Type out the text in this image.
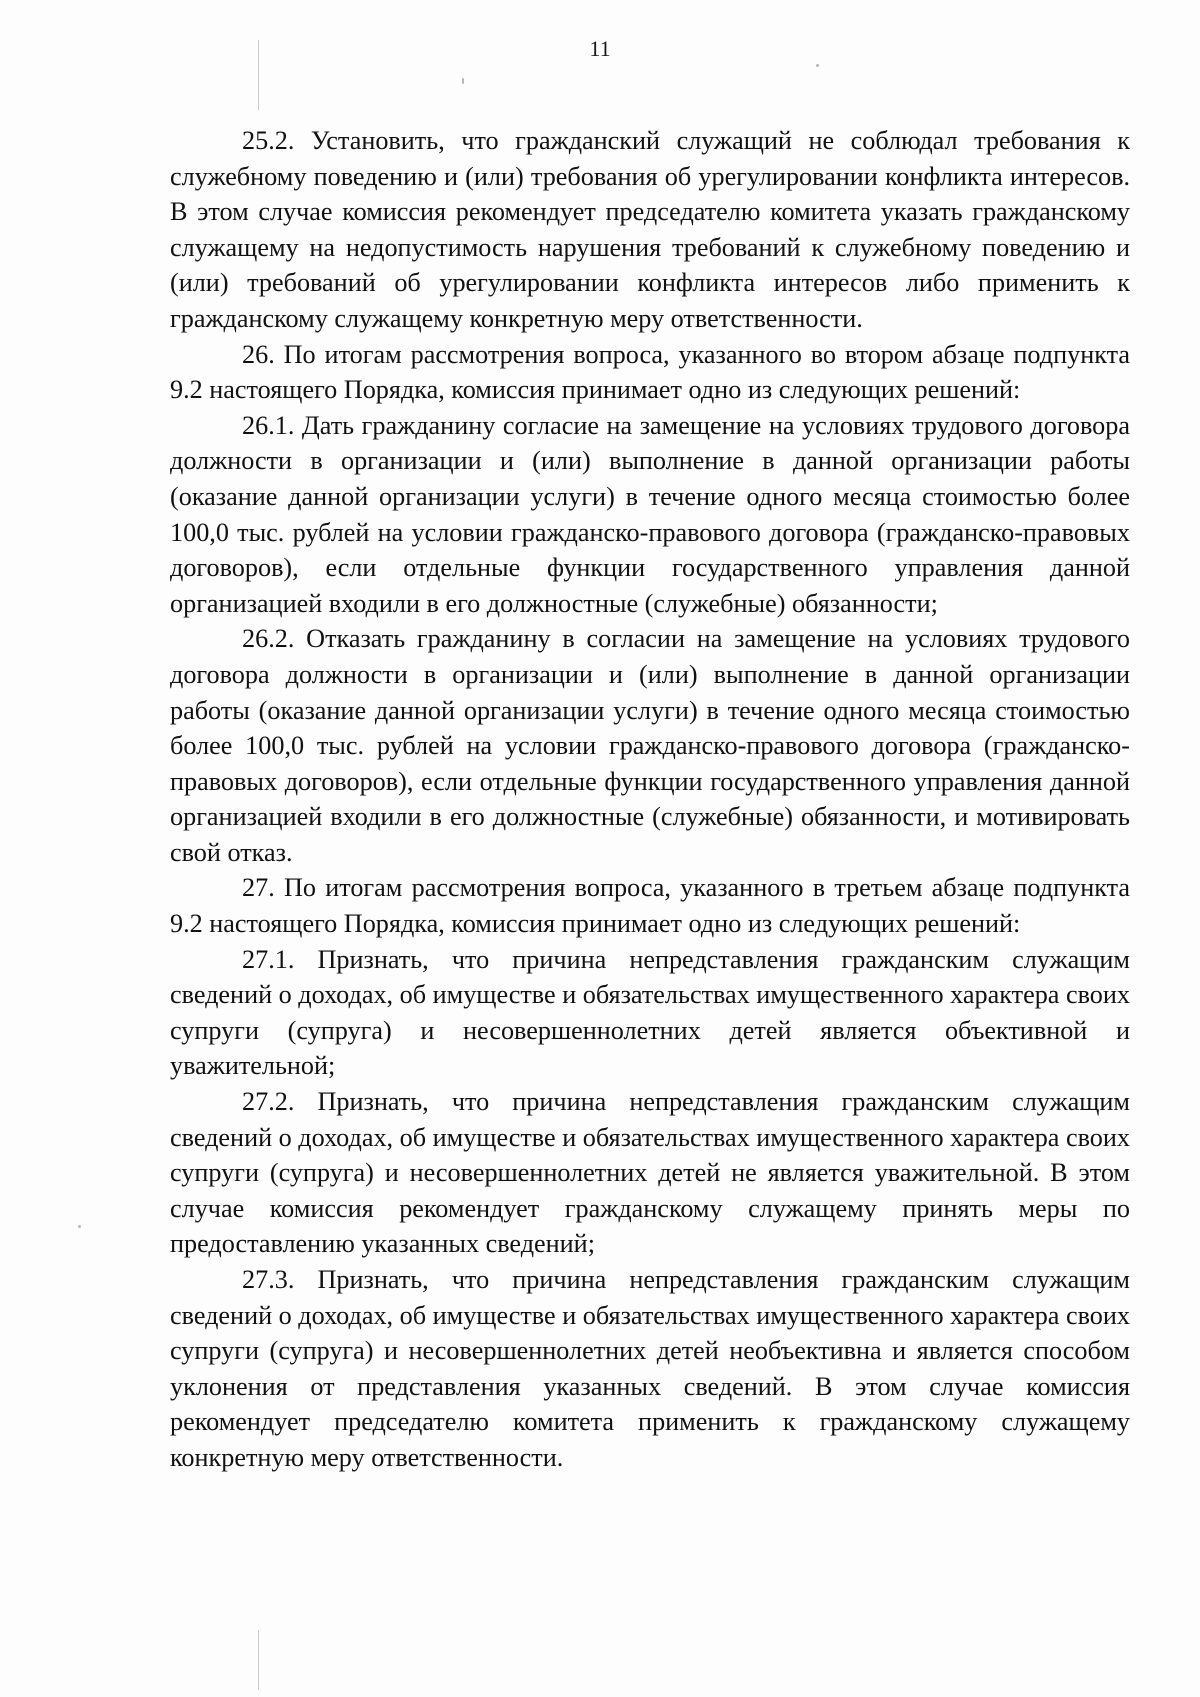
11

25.2. Установить, что гражданский служащий не соблюдал требования к служебному поведению и (или) требования об урегулировании конфликта интересов. В этом случае комиссия рекомендует председателю комитета указать гражданскому служащему на недопустимость нарушения требований к служебному поведению и (или) требований об урегулировании конфликта интересов либо применить к гражданскому служащему конкретную меру ответственности.

26. По итогам рассмотрения вопроса, указанного во втором абзаце подпункта 9.2 настоящего Порядка, комиссия принимает одно из следующих решений:

26.1. Дать гражданину согласие на замещение на условиях трудового договора должности в организации и (или) выполнение в данной организации работы (оказание данной организации услуги) в течение одного месяца стоимостью более 100,0 тыс. рублей на условии гражданско-правового договора (гражданско-правовых договоров), если отдельные функции государственного управления данной организацией входили в его должностные (служебные) обязанности;

26.2. Отказать гражданину в согласии на замещение на условиях трудового договора должности в организации и (или) выполнение в данной организации работы (оказание данной организации услуги) в течение одного месяца стоимостью более 100,0 тыс. рублей на условии гражданско-правового договора (гражданско-правовых договоров), если отдельные функции государственного управления данной организацией входили в его должностные (служебные) обязанности, и мотивировать свой отказ.

27. По итогам рассмотрения вопроса, указанного в третьем абзаце подпункта 9.2 настоящего Порядка, комиссия принимает одно из следующих решений:

27.1. Признать, что причина непредставления гражданским служащим сведений о доходах, об имуществе и обязательствах имущественного характера своих супруги (супруга) и несовершеннолетних детей является объективной и уважительной;

27.2. Признать, что причина непредставления гражданским служащим сведений о доходах, об имуществе и обязательствах имущественного характера своих супруги (супруга) и несовершеннолетних детей не является уважительной. В этом случае комиссия рекомендует гражданскому служащему принять меры по предоставлению указанных сведений;

27.3. Признать, что причина непредставления гражданским служащим сведений о доходах, об имуществе и обязательствах имущественного характера своих супруги (супруга) и несовершеннолетних детей необъективна и является способом уклонения от представления указанных сведений. В этом случае комиссия рекомендует председателю комитета применить к гражданскому служащему конкретную меру ответственности.
